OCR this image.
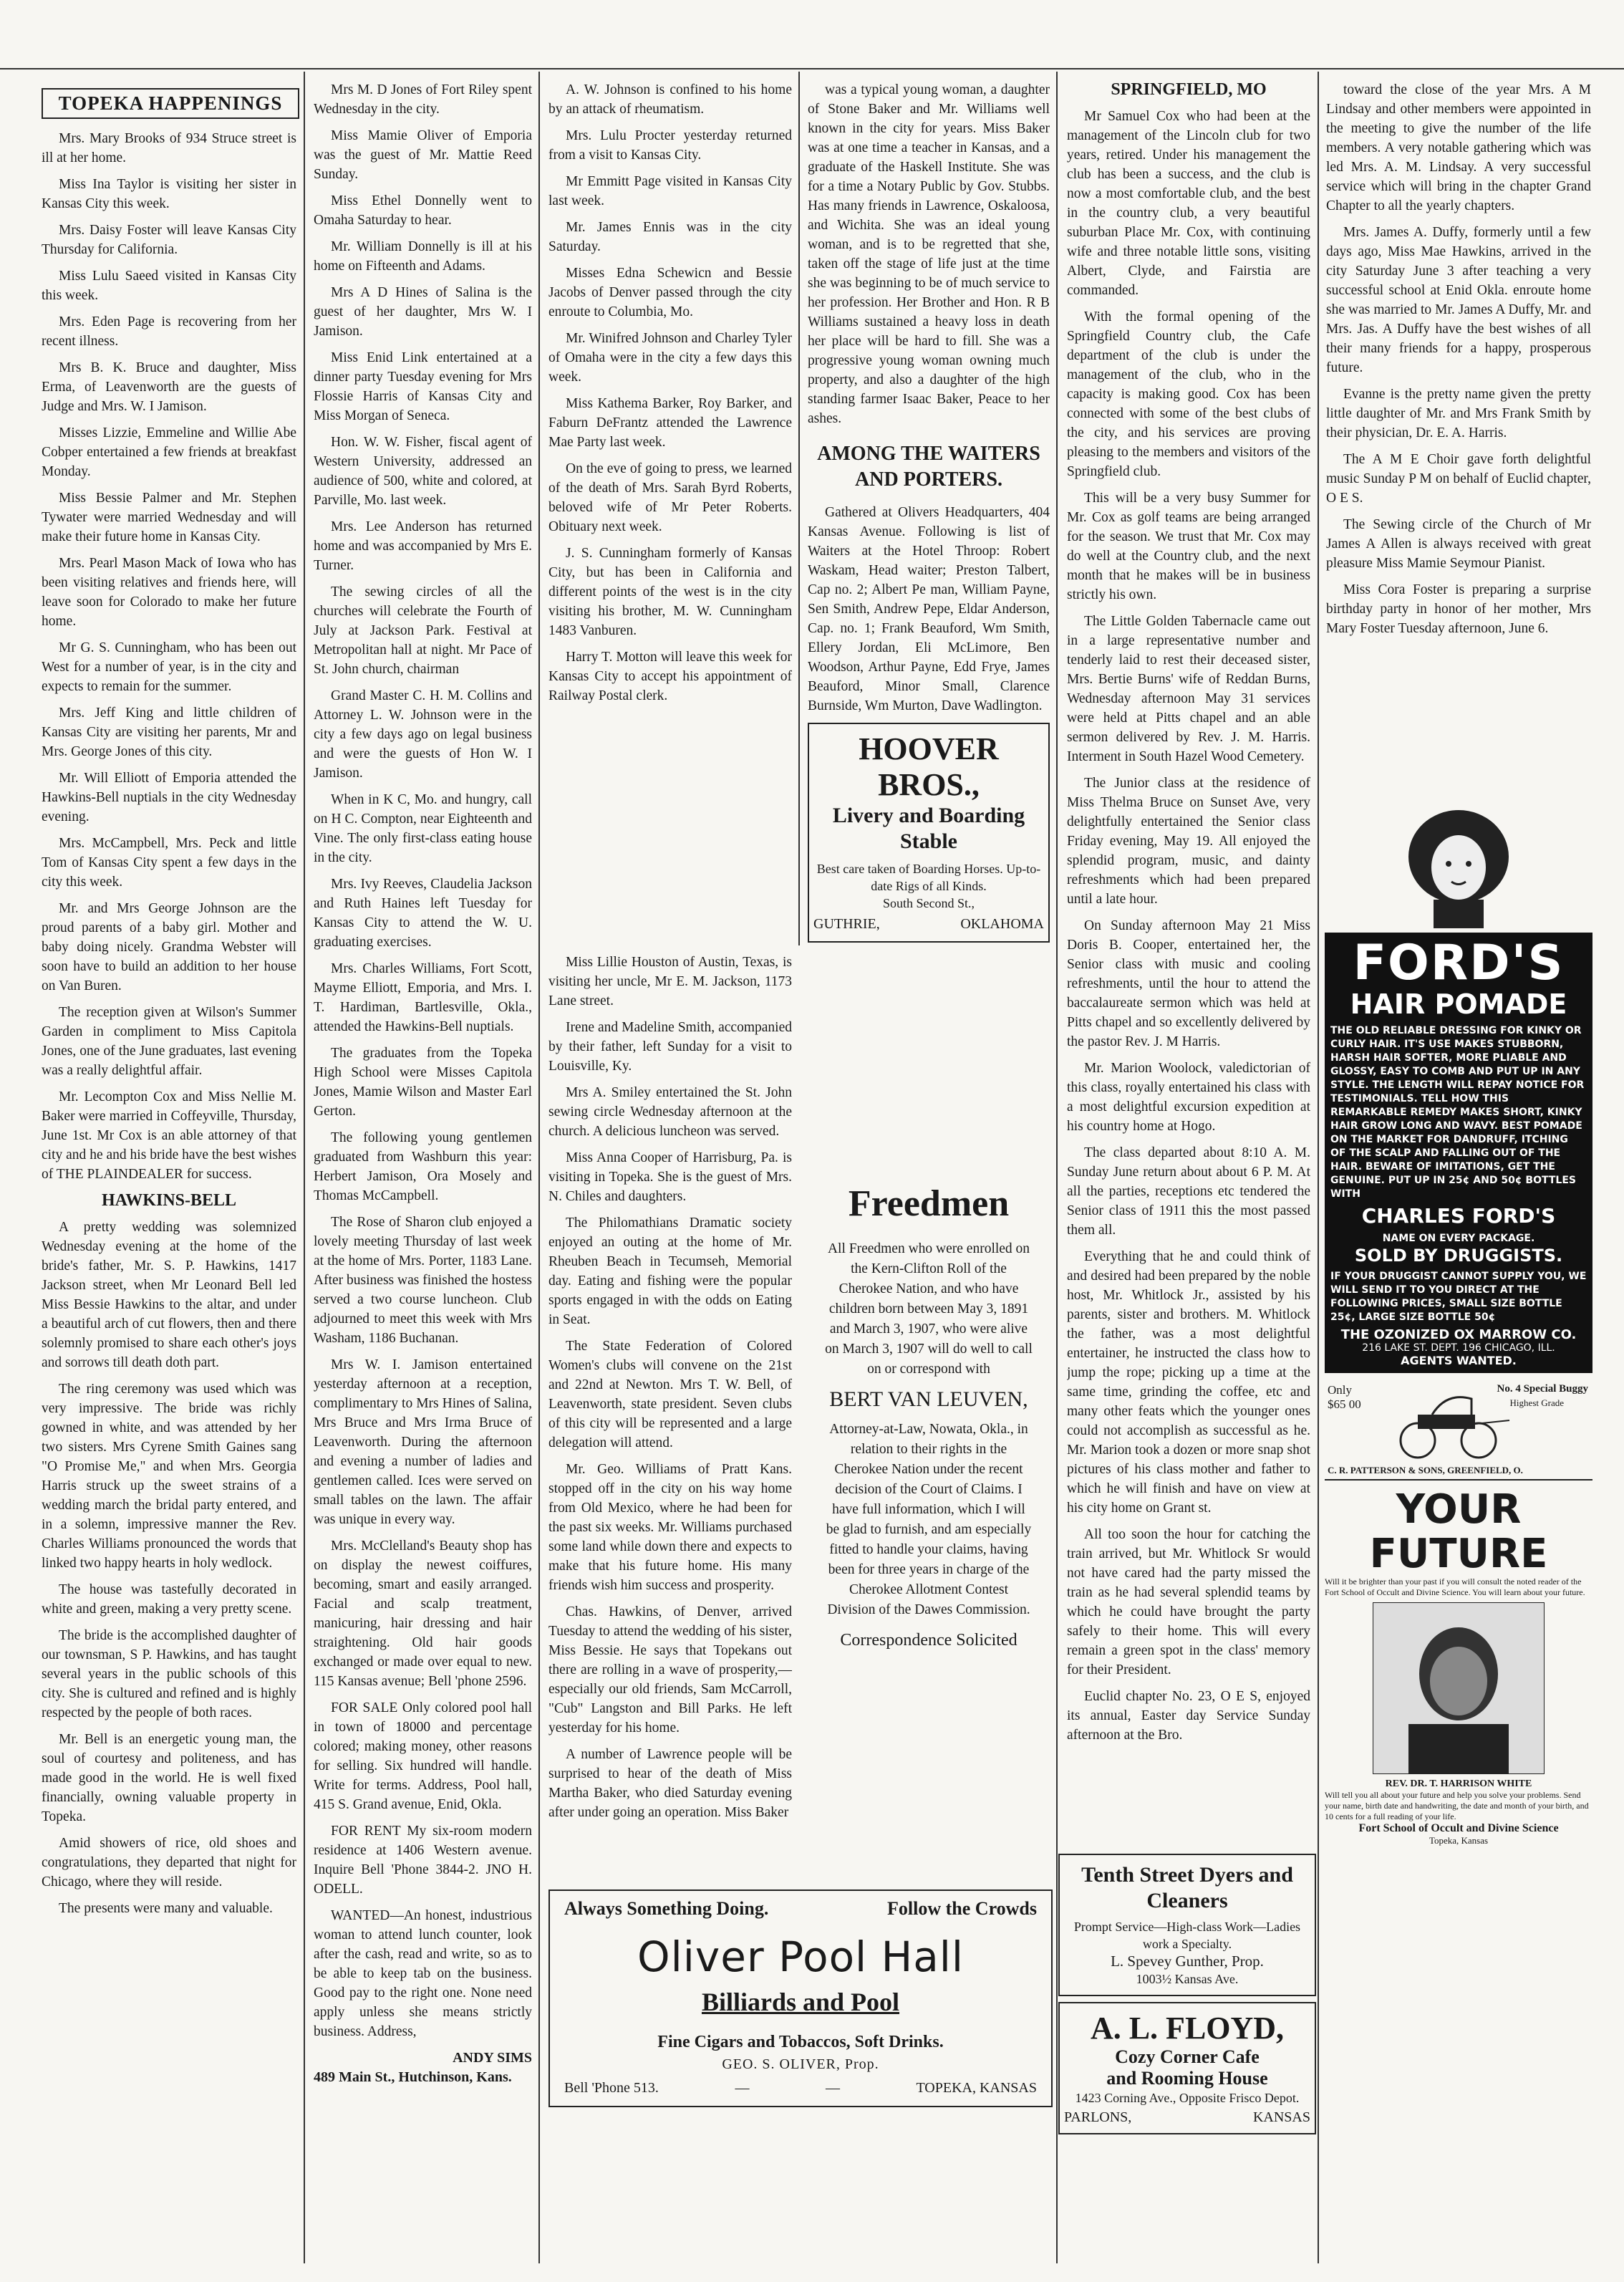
TOPEKA HAPPENINGS

Mrs. Mary Brooks of 934 Struce street is ill at her home.

Miss Ina Taylor is visiting her sister in Kansas City this week.

Mrs. Daisy Foster will leave Kansas City Thursday for California.

Miss Lulu Saeed visited in Kansas City this week.

Mrs. Eden Page is recovering from her recent illness.

Mrs B. K. Bruce and daughter, Miss Erma, of Leavenworth are the guests of Judge and Mrs. W. I Jamison.

Misses Lizzie, Emmeline and Willie Abe Cobper entertained a few friends at breakfast Monday.

Miss Bessie Palmer and Mr. Stephen Tywater were married Wednesday and will make their future home in Kansas City.

Mrs. Pearl Mason Mack of Iowa who has been visiting relatives and friends here, will leave soon for Colorado to make her future home.

Mr G. S. Cunningham, who has been out West for a number of year, is in the city and expects to remain for the summer.

Mrs. Jeff King and little children of Kansas City are visiting her parents, Mr and Mrs. George Jones of this city.

Mr. Will Elliott of Emporia attended the Hawkins-Bell nuptials in the city Wednesday evening.

Mrs. McCampbell, Mrs. Peck and little Tom of Kansas City spent a few days in the city this week.

Mr. and Mrs George Johnson are the proud parents of a baby girl. Mother and baby doing nicely. Grandma Webster will soon have to build an addition to her house on Van Buren.

The reception given at Wilson's Summer Garden in compliment to Miss Capitola Jones, one of the June graduates, last evening was a really delightful affair.

Mr. Lecompton Cox and Miss Nellie M. Baker were married in Coffeyville, Thursday, June 1st. Mr Cox is an able attorney of that city and he and his bride have the best wishes of THE PLAINDEALER for success.

HAWKINS-BELL

A pretty wedding was solemnized Wednesday evening at the home of the bride's father, Mr. S. P. Hawkins, 1417 Jackson street, when Mr Leonard Bell led Miss Bessie Hawkins to the altar, and under a beautiful arch of cut flowers, then and there solemnly promised to share each other's joys and sorrows till death doth part.

The ring ceremony was used which was very impressive. The bride was richly gowned in white, and was attended by her two sisters. Mrs Cyrene Smith Gaines sang "O Promise Me," and when Mrs. Georgia Harris struck up the sweet strains of a wedding march the bridal party entered, and in a solemn, impressive manner the Rev. Charles Williams pronounced the words that linked two happy hearts in holy wedlock.

The house was tastefully decorated in white and green, making a very pretty scene.

The bride is the accomplished daughter of our townsman, S P. Hawkins, and has taught several years in the public schools of this city. She is cultured and refined and is highly respected by the people of both races.

Mr. Bell is an energetic young man, the soul of courtesy and politeness, and has made good in the world. He is well fixed financially, owning valuable property in Topeka.

Amid showers of rice, old shoes and congratulations, they departed that night for Chicago, where they will reside.

The presents were many and valuable.

Mrs M. D Jones of Fort Riley spent Wednesday in the city.

Miss Mamie Oliver of Emporia was the guest of Mr. Mattie Reed Sunday.

Miss Ethel Donnelly went to Omaha Saturday to hear.

Mr. William Donnelly is ill at his home on Fifteenth and Adams.

Mrs A D Hines of Salina is the guest of her daughter, Mrs W. I Jamison.

Miss Enid Link entertained at a dinner party Tuesday evening for Mrs Flossie Harris of Kansas City and Miss Morgan of Seneca.

Hon. W. W. Fisher, fiscal agent of Western University, addressed an audience of 500, white and colored, at Parville, Mo. last week.

Mrs. Lee Anderson has returned home and was accompanied by Mrs E. Turner.

The sewing circles of all the churches will celebrate the Fourth of July at Jackson Park. Festival at Metropolitan hall at night. Mr Pace of St. John church, chairman

Grand Master C. H. M. Collins and Attorney L. W. Johnson were in the city a few days ago on legal business and were the guests of Hon W. I Jamison.

When in K C, Mo. and hungry, call on H C. Compton, near Eighteenth and Vine. The only first-class eating house in the city.

Mrs. Ivy Reeves, Claudelia Jackson and Ruth Haines left Tuesday for Kansas City to attend the W. U. graduating exercises.

Mrs. Charles Williams, Fort Scott, Mayme Elliott, Emporia, and Mrs. I. T. Hardiman, Bartlesville, Okla., attended the Hawkins-Bell nuptials.

The graduates from the Topeka High School were Misses Capitola Jones, Mamie Wilson and Master Earl Gerton.

The following young gentlemen graduated from Washburn this year: Herbert Jamison, Ora Mosely and Thomas McCampbell.

The Rose of Sharon club enjoyed a lovely meeting Thursday of last week at the home of Mrs. Porter, 1183 Lane. After business was finished the hostess served a two course luncheon. Club adjourned to meet this week with Mrs Washam, 1186 Buchanan.

Mrs W. I. Jamison entertained yesterday afternoon at a reception, complimentary to Mrs Hines of Salina, Mrs Bruce and Mrs Irma Bruce of Leavenworth. During the afternoon and evening a number of ladies and gentlemen called. Ices were served on small tables on the lawn. The affair was unique in every way.

Mrs. McClelland's Beauty shop has on display the newest coiffures, becoming, smart and easily arranged. Facial and scalp treatment, manicuring, hair dressing and hair straightening. Old hair goods exchanged or made over equal to new. 115 Kansas avenue; Bell 'phone 2596.

FOR SALE Only colored pool hall in town of 18000 and percentage colored; making money, other reasons for selling. Six hundred will handle. Write for terms. Address, Pool hall, 415 S. Grand avenue, Enid, Okla.

FOR RENT My six-room modern residence at 1406 Western avenue. Inquire Bell 'Phone 3844-2. JNO H. ODELL.

WANTED—An honest, industrious woman to attend lunch counter, look after the cash, read and write, so as to be able to keep tab on the business. Good pay to the right one. None need apply unless she means strictly business. Address,

ANDY SIMS
489 Main St., Hutchinson, Kans.

A. W. Johnson is confined to his home by an attack of rheumatism.

Mrs. Lulu Procter yesterday returned from a visit to Kansas City.

Mr Emmitt Page visited in Kansas City last week.

Mr. James Ennis was in the city Saturday.

Misses Edna Schewicn and Bessie Jacobs of Denver passed through the city enroute to Columbia, Mo.

Mr. Winifred Johnson and Charley Tyler of Omaha were in the city a few days this week.

Miss Kathema Barker, Roy Barker, and Faburn DeFrantz attended the Lawrence Mae Party last week.

On the eve of going to press, we learned of the death of Mrs. Sarah Byrd Roberts, beloved wife of Mr Peter Roberts. Obituary next week.

J. S. Cunningham formerly of Kansas City, but has been in California and different points of the west is in the city visiting his brother, M. W. Cunningham 1483 Vanburen.

Harry T. Motton will leave this week for Kansas City to accept his appointment of Railway Postal clerk.

was a typical young woman, a daughter of Stone Baker and Mr. Williams well known in the city for years. Miss Baker was at one time a teacher in Kansas, and a graduate of the Haskell Institute. She was for a time a Notary Public by Gov. Stubbs. Has many friends in Lawrence, Oskaloosa, and Wichita. She was an ideal young woman, and is to be regretted that she, taken off the stage of life just at the time she was beginning to be of much service to her profession. Her Brother and Hon. R B Williams sustained a heavy loss in death her place will be hard to fill. She was a progressive young woman owning much property, and also a daughter of the high standing farmer Isaac Baker, Peace to her ashes.

AMONG THE WAITERS AND PORTERS.

Gathered at Olivers Headquarters, 404 Kansas Avenue. Following is list of Waiters at the Hotel Throop: Robert Waskam, Head waiter; Preston Talbert, Cap no. 2; Albert Pe man, William Payne, Sen Smith, Andrew Pepe, Eldar Anderson, Cap. no. 1; Frank Beauford, Wm Smith, Ellery Jordan, Eli McLimore, Ben Woodson, Arthur Payne, Edd Frye, James Beauford, Minor Small, Clarence Burnside, Wm Murton, Dave Wadlington.

HOOVER BROS.,
Livery and Boarding
Stable
Best care taken of Boarding Horses. Up-to-date Rigs of all Kinds.
South Second St.,
GUTHRIE,	OKLAHOMA
Freedmen
All Freedmen who were enrolled on the Kern-Clifton Roll of the Cherokee Nation, and who have children born between May 3, 1891 and March 3, 1907, who were alive on March 3, 1907 will do well to call on or correspond with
BERT VAN LEUVEN,
Attorney-at-Law, Nowata, Okla., in relation to their rights in the Cherokee Nation under the recent decision of the Court of Claims. I have full information, which I will be glad to furnish, and am especially fitted to handle your claims, having been for three years in charge of the Cherokee Allotment Contest Division of the Dawes Commission.
Correspondence Solicited
SPRINGFIELD, MO

Mr Samuel Cox who had been at the management of the Lincoln club for two years, retired. Under his management the club has been a success, and the club is now a most comfortable club, and the best in the country club, a very beautiful suburban Place Mr. Cox, with continuing wife and three notable little sons, visiting Albert, Clyde, and Fairstia are commanded.

With the formal opening of the Springfield Country club, the Cafe department of the club is under the management of the club, who in the capacity is making good. Cox has been connected with some of the best clubs of the city, and his services are proving pleasing to the members and visitors of the Springfield club.

This will be a very busy Summer for Mr. Cox as golf teams are being arranged for the season. We trust that Mr. Cox may do well at the Country club, and the next month that he makes will be in business strictly his own.

The Little Golden Tabernacle came out in a large representative number and tenderly laid to rest their deceased sister, Mrs. Bertie Burns' wife of Reddan Burns, Wednesday afternoon May 31 services were held at Pitts chapel and an able sermon delivered by Rev. J. M. Harris. Interment in South Hazel Wood Cemetery.

The Junior class at the residence of Miss Thelma Bruce on Sunset Ave, very delightfully entertained the Senior class Friday evening, May 19. All enjoyed the splendid program, music, and dainty refreshments which had been prepared until a late hour.

On Sunday afternoon May 21 Miss Doris B. Cooper, entertained her, the Senior class with music and cooling refreshments, until the hour to attend the baccalaureate sermon which was held at Pitts chapel and so excellently delivered by the pastor Rev. J. M Harris.

Mr. Marion Woolock, valedictorian of this class, royally entertained his class with a most delightful excursion expedition at his country home at Hogo.

The class departed about 8:10 A. M. Sunday June return about about 6 P. M. At all the parties, receptions etc tendered the Senior class of 1911 this the most passed them all.

Everything that he and could think of and desired had been prepared by the noble host, Mr. Whitlock Jr., assisted by his parents, sister and brothers. M. Whitlock the father, was a most delightful entertainer, he instructed the class how to jump the rope; picking up a time at the same time, grinding the coffee, etc and many other feats which the younger ones could not accomplish as successful as he. Mr. Marion took a dozen or more snap shot pictures of his class mother and father to which he will finish and have on view at his city home on Grant st.

All too soon the hour for catching the train arrived, but Mr. Whitlock Sr would not have cared had the party missed the train as he had several splendid teams by which he could have brought the party safely to their home. This will every remain a green spot in the class' memory for their President.

Euclid chapter No. 23, O E S, enjoyed its annual, Easter day Service Sunday afternoon at the Bro.

Tenth Street Dyers and Cleaners
Prompt Service—High-class Work—Ladies work a Specialty.
L. Spevey Gunther, Prop.
1003½ Kansas Ave.
A. L. FLOYD,
Cozy Corner Cafe
and Rooming House
1423 Corning Ave., Opposite Frisco Depot.
PARLONS,	KANSAS

toward the close of the year Mrs. A M Lindsay and other members were appointed in the meeting to give the number of the life members. A very notable gathering which was led Mrs. A. M. Lindsay. A very successful service which will bring in the chapter Grand Chapter to all the yearly chapters.

Mrs. James A. Duffy, formerly until a few days ago, Miss Mae Hawkins, arrived in the city Saturday June 3 after teaching a very successful school at Enid Okla. enroute home she was married to Mr. James A Duffy, Mr. and Mrs. Jas. A Duffy have the best wishes of all their many friends for a happy, prosperous future.

Evanne is the pretty name given the pretty little daughter of Mr. and Mrs Frank Smith by their physician, Dr. E. A. Harris.

The A M E Choir gave forth delightful music Sunday P M on behalf of Euclid chapter, O E S.

The Sewing circle of the Church of Mr James A Allen is always received with great pleasure Miss Mamie Seymour Pianist.

Miss Cora Foster is preparing a surprise birthday party in honor of her mother, Mrs Mary Foster Tuesday afternoon, June 6.

FORD'S
HAIR POMADE
THE OLD RELIABLE DRESSING FOR KINKY OR CURLY HAIR. IT'S USE MAKES STUBBORN, HARSH HAIR SOFTER, MORE PLIABLE AND GLOSSY, EASY TO COMB AND PUT UP IN ANY STYLE. THE LENGTH WILL REPAY NOTICE FOR TESTIMONIALS. TELL HOW THIS REMARKABLE REMEDY MAKES SHORT, KINKY HAIR GROW LONG AND WAVY. BEST POMADE ON THE MARKET FOR DANDRUFF, ITCHING OF THE SCALP AND FALLING OUT OF THE HAIR. BEWARE OF IMITATIONS, GET THE GENUINE. PUT UP IN 25¢ AND 50¢ BOTTLES WITH
CHARLES FORD'S
NAME ON EVERY PACKAGE.
SOLD BY DRUGGISTS.
IF YOUR DRUGGIST CANNOT SUPPLY YOU, WE WILL SEND IT TO YOU DIRECT AT THE FOLLOWING PRICES, SMALL SIZE BOTTLE 25¢, LARGE SIZE BOTTLE 50¢
THE OZONIZED OX MARROW CO.
216 LAKE ST. DEPT. 196 CHICAGO, ILL.
AGENTS WANTED.
Only
$65 00
No. 4 Special Buggy
Highest Grade
C. R. PATTERSON & SONS, GREENFIELD, O.
YOUR FUTURE
Will it be brighter than your past if you will consult the noted reader of the Fort School of Occult and Divine Science. You will learn about your future.
REV. DR. T. HARRISON WHITE
Will tell you all about your future and help you solve your problems. Send your name, birth date and handwriting, the date and month of your birth, and 10 cents for a full reading of your life.
Fort School of Occult and Divine Science
Topeka, Kansas
Always Something Doing.	Follow the Crowds
Oliver Pool Hall
Billiards and Pool
Fine Cigars and Tobaccos, Soft Drinks.
GEO. S. OLIVER, Prop.
Bell 'Phone 513.	—	—	TOPEKA, KANSAS

Miss Lillie Houston of Austin, Texas, is visiting her uncle, Mr E. M. Jackson, 1173 Lane street.

Irene and Madeline Smith, accompanied by their father, left Sunday for a visit to Louisville, Ky.

Mrs A. Smiley entertained the St. John sewing circle Wednesday afternoon at the church. A delicious luncheon was served.

Miss Anna Cooper of Harrisburg, Pa. is visiting in Topeka. She is the guest of Mrs. N. Chiles and daughters.

The Philomathians Dramatic society enjoyed an outing at the home of Mr. Rheuben Beach in Tecumseh, Memorial day. Eating and fishing were the popular sports engaged in with the odds on Eating in Seat.

The State Federation of Colored Women's clubs will convene on the 21st and 22nd at Newton. Mrs T. W. Bell, of Leavenworth, state president. Seven clubs of this city will be represented and a large delegation will attend.

Mr. Geo. Williams of Pratt Kans. stopped off in the city on his way home from Old Mexico, where he had been for the past six weeks. Mr. Williams purchased some land while down there and expects to make that his future home. His many friends wish him success and prosperity.

Chas. Hawkins, of Denver, arrived Tuesday to attend the wedding of his sister, Miss Bessie. He says that Topekans out there are rolling in a wave of prosperity,—especially our old friends, Sam McCarroll, "Cub" Langston and Bill Parks. He left yesterday for his home.

A number of Lawrence people will be surprised to hear of the death of Miss Martha Baker, who died Saturday evening after under going an operation. Miss Baker
